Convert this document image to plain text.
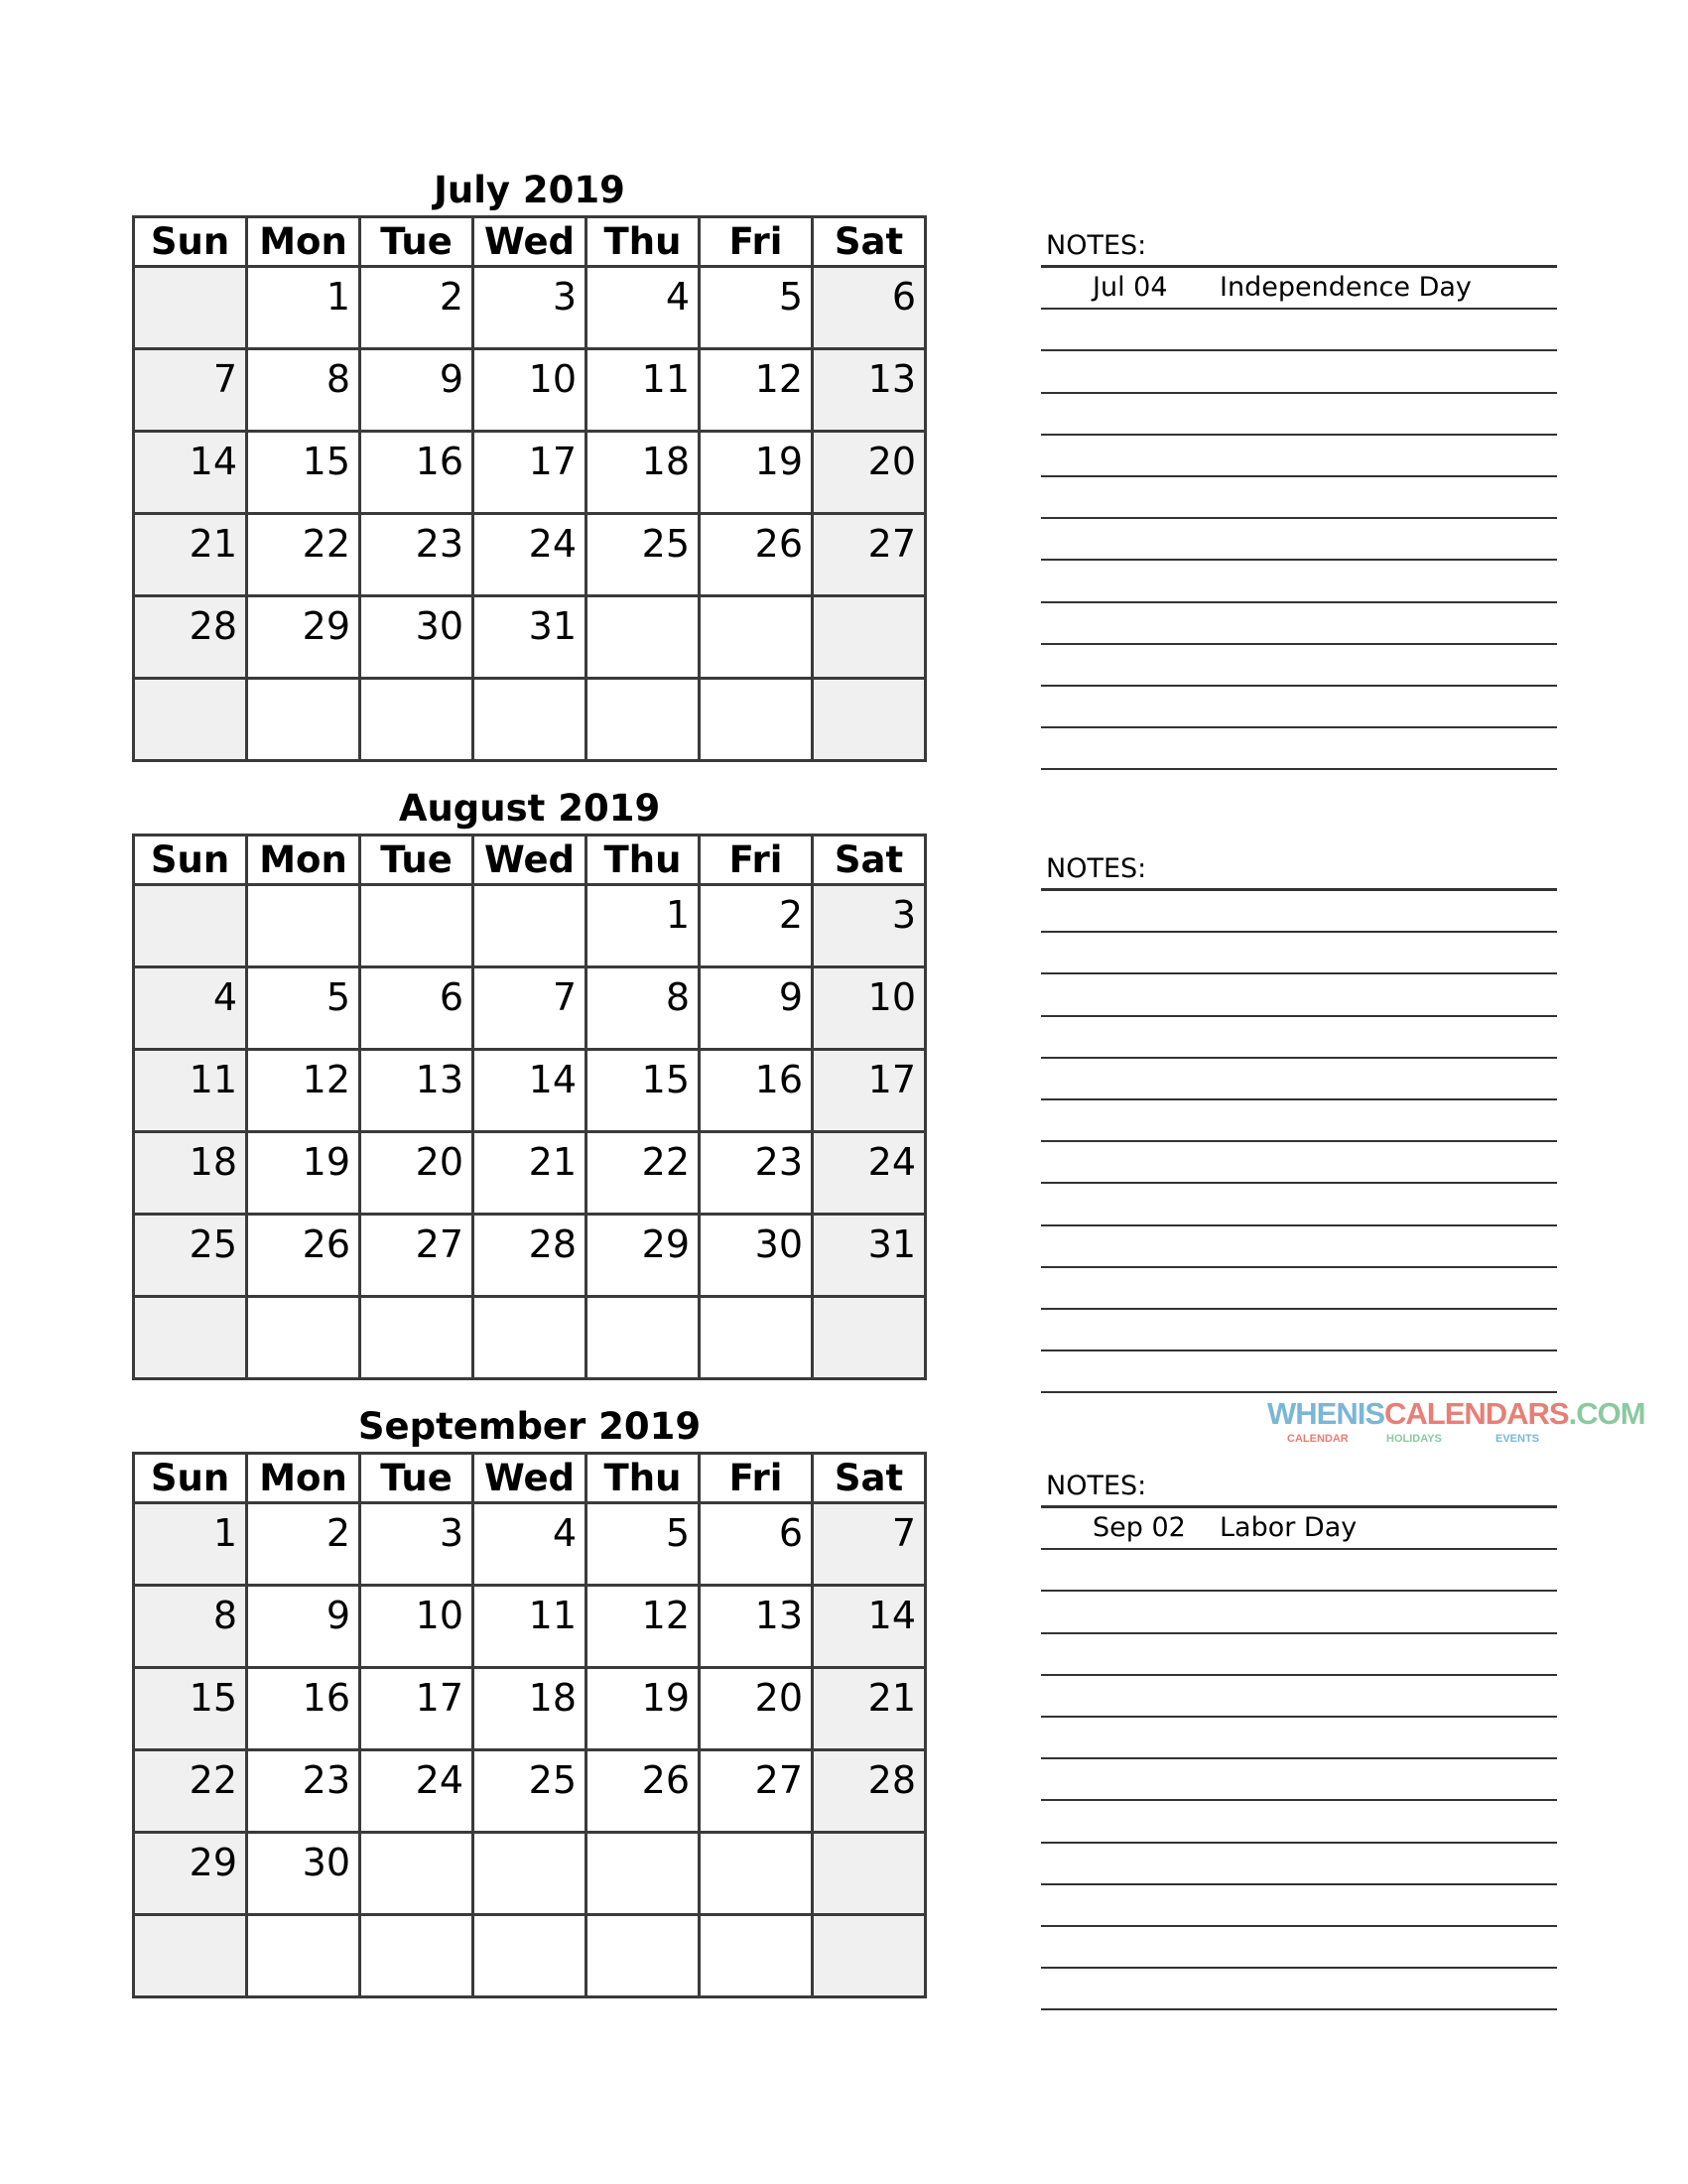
July 2019
Sun	Mon	Tue	Wed	Thu	Fri	Sat
	1	2	3	4	5	6
7	8	9	10	11	12	13
14	15	16	17	18	19	20
21	22	23	24	25	26	27
28	29	30	31			

NOTES:
Jul 04 Independence Day
August 2019
Sun	Mon	Tue	Wed	Thu	Fri	Sat
				1	2	3
4	5	6	7	8	9	10
11	12	13	14	15	16	17
18	19	20	21	22	23	24
25	26	27	28	29	30	31

NOTES:
September 2019
Sun	Mon	Tue	Wed	Thu	Fri	Sat
1	2	3	4	5	6	7
8	9	10	11	12	13	14
15	16	17	18	19	20	21
22	23	24	25	26	27	28
29	30					

NOTES:
Sep 02 Labor Day
WHENISCALENDARS.COM
CALENDAR	HOLIDAYS	EVENTS
